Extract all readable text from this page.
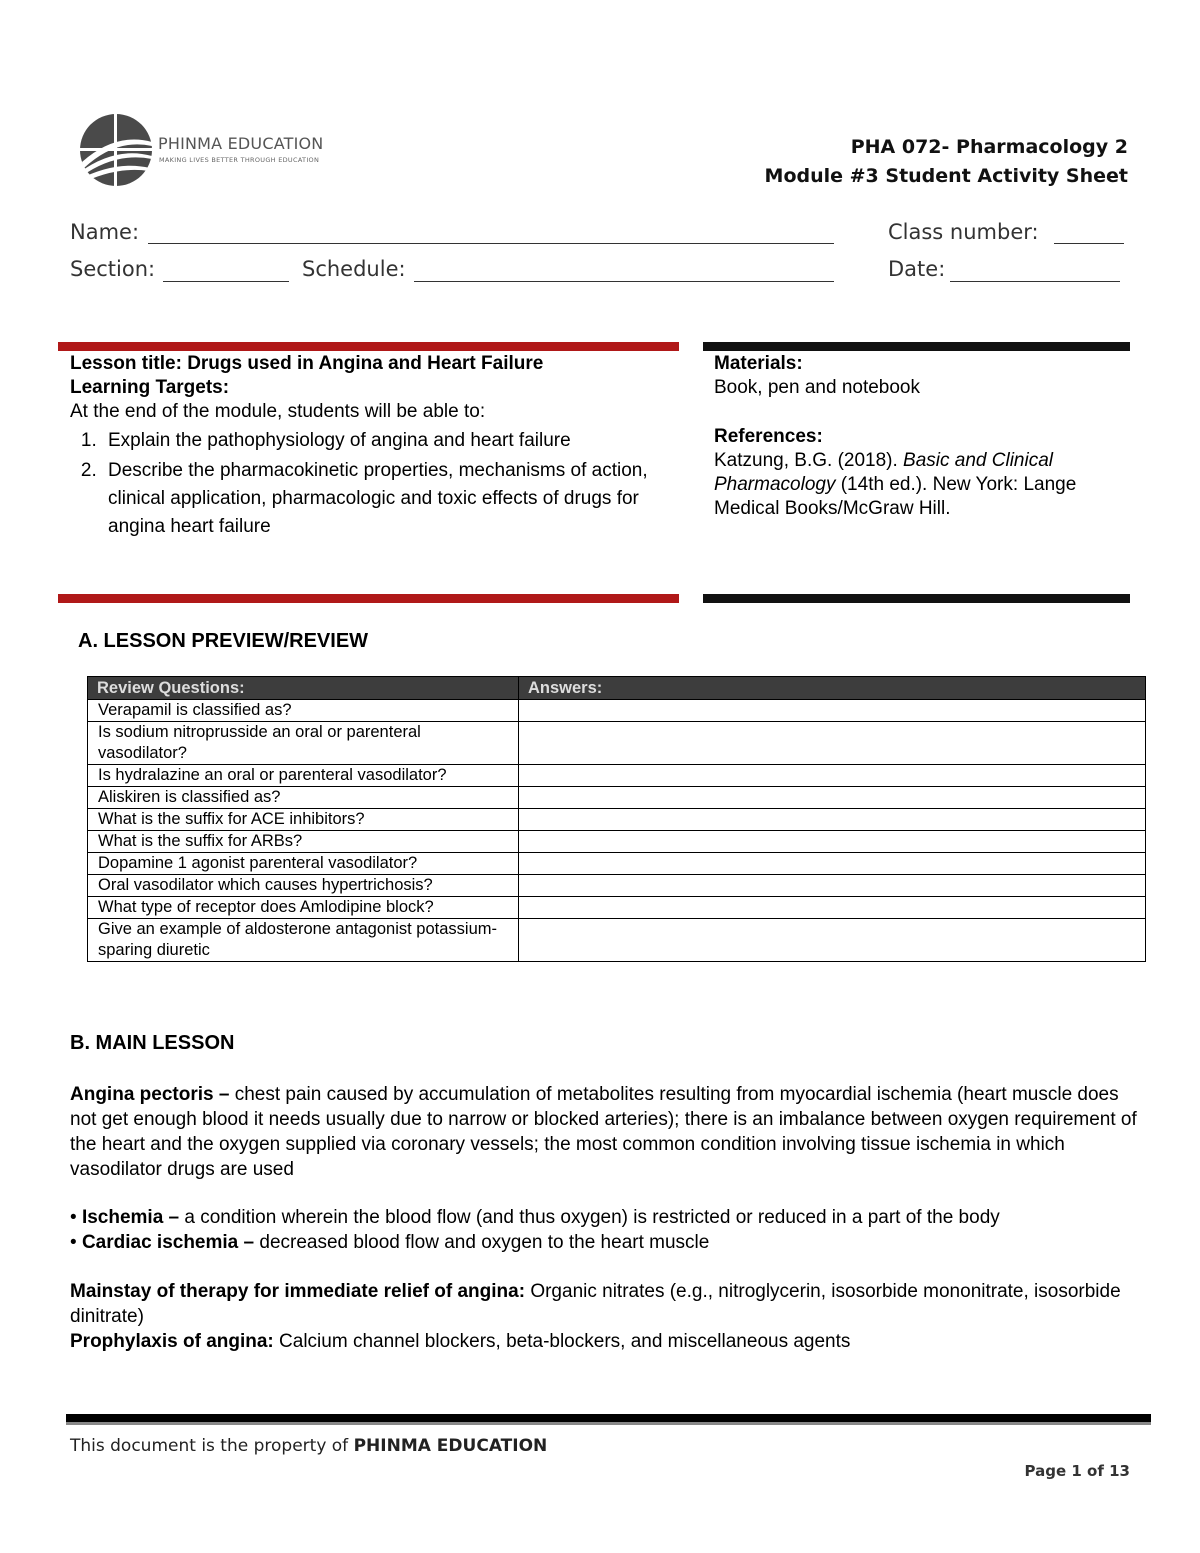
PHINMA EDUCATION
MAKING LIVES BETTER THROUGH EDUCATION
PHA 072- Pharmacology 2
Module #3 Student Activity Sheet
Name:	Class number:
Section:	Schedule:	Date:
Lesson title: Drugs used in Angina and Heart Failure
Learning Targets:
At the end of the module, students will be able to:
1. Explain the pathophysiology of angina and heart failure
2. Describe the pharmacokinetic properties, mechanisms of action, clinical application, pharmacologic and toxic effects of drugs for angina heart failure
Materials:
Book, pen and notebook
References:
Katzung, B.G. (2018). Basic and Clinical Pharmacology (14th ed.). New York: Lange Medical Books/McGraw Hill.
A. LESSON PREVIEW/REVIEW
Review Questions:	Answers:
Verapamil is classified as?	
Is sodium nitroprusside an oral or parenteral vasodilator?	
Is hydralazine an oral or parenteral vasodilator?	
Aliskiren is classified as?	
What is the suffix for ACE inhibitors?	
What is the suffix for ARBs?	
Dopamine 1 agonist parenteral vasodilator?	
Oral vasodilator which causes hypertrichosis?	
What type of receptor does Amlodipine block?	
Give an example of aldosterone antagonist potassium-sparing diuretic	
B. MAIN LESSON
Angina pectoris – chest pain caused by accumulation of metabolites resulting from myocardial ischemia (heart muscle does not get enough blood it needs usually due to narrow or blocked arteries); there is an imbalance between oxygen requirement of the heart and the oxygen supplied via coronary vessels; the most common condition involving tissue ischemia in which vasodilator drugs are used
• Ischemia – a condition wherein the blood flow (and thus oxygen) is restricted or reduced in a part of the body
• Cardiac ischemia – decreased blood flow and oxygen to the heart muscle
Mainstay of therapy for immediate relief of angina: Organic nitrates (e.g., nitroglycerin, isosorbide mononitrate, isosorbide dinitrate)
Prophylaxis of angina: Calcium channel blockers, beta-blockers, and miscellaneous agents
This document is the property of PHINMA EDUCATION
Page 1 of 13
